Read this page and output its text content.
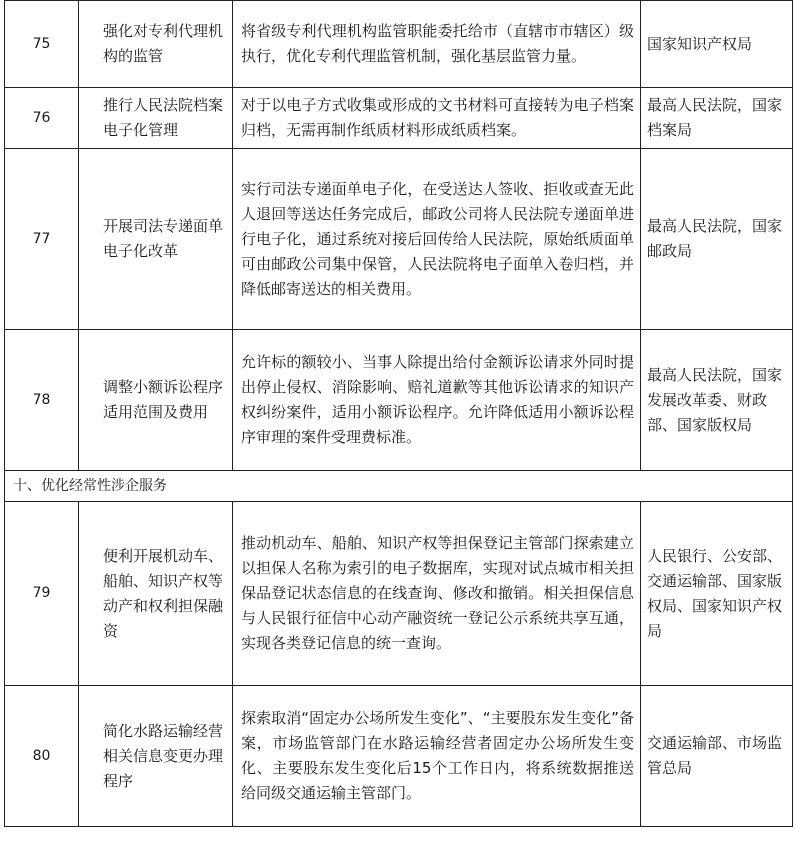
75	强化对专利代理机构的监管	将省级专利代理机构监管职能委托给市（直辖市市辖区）级执行，优化专利代理监管机制，强化基层监管力量。	国家知识产权局
76	推行人民法院档案电子化管理	对于以电子方式收集或形成的文书材料可直接转为电子档案归档，无需再制作纸质材料形成纸质档案。	最高人民法院，国家档案局
77	开展司法专递面单电子化改革	实行司法专递面单电子化，在受送达人签收、拒收或查无此人退回等送达任务完成后，邮政公司将人民法院专递面单进行电子化，通过系统对接后回传给人民法院，原始纸质面单可由邮政公司集中保管，人民法院将电子面单入卷归档，并降低邮寄送达的相关费用。	最高人民法院，国家邮政局
78	调整小额诉讼程序适用范围及费用	允许标的额较小、当事人除提出给付金额诉讼请求外同时提出停止侵权、消除影响、赔礼道歉等其他诉讼请求的知识产权纠纷案件，适用小额诉讼程序。允许降低适用小额诉讼程序审理的案件受理费标准。	最高人民法院，国家发展改革委、财政部、国家版权局
十、优化经常性涉企服务			
79	便利开展机动车、船舶、知识产权等动产和权利担保融资	推动机动车、船舶、知识产权等担保登记主管部门探索建立以担保人名称为索引的电子数据库，实现对试点城市相关担保品登记状态信息的在线查询、修改和撤销。相关担保信息与人民银行征信中心动产融资统一登记公示系统共享互通，实现各类登记信息的统一查询。	人民银行、公安部、交通运输部、国家版权局、国家知识产权局
80	简化水路运输经营相关信息变更办理程序	探索取消“固定办公场所发生变化”、“主要股东发生变化”备案，市场监管部门在水路运输经营者固定办公场所发生变化、主要股东发生变化后15个工作日内，将系统数据推送给同级交通运输主管部门。	交通运输部、市场监管总局
